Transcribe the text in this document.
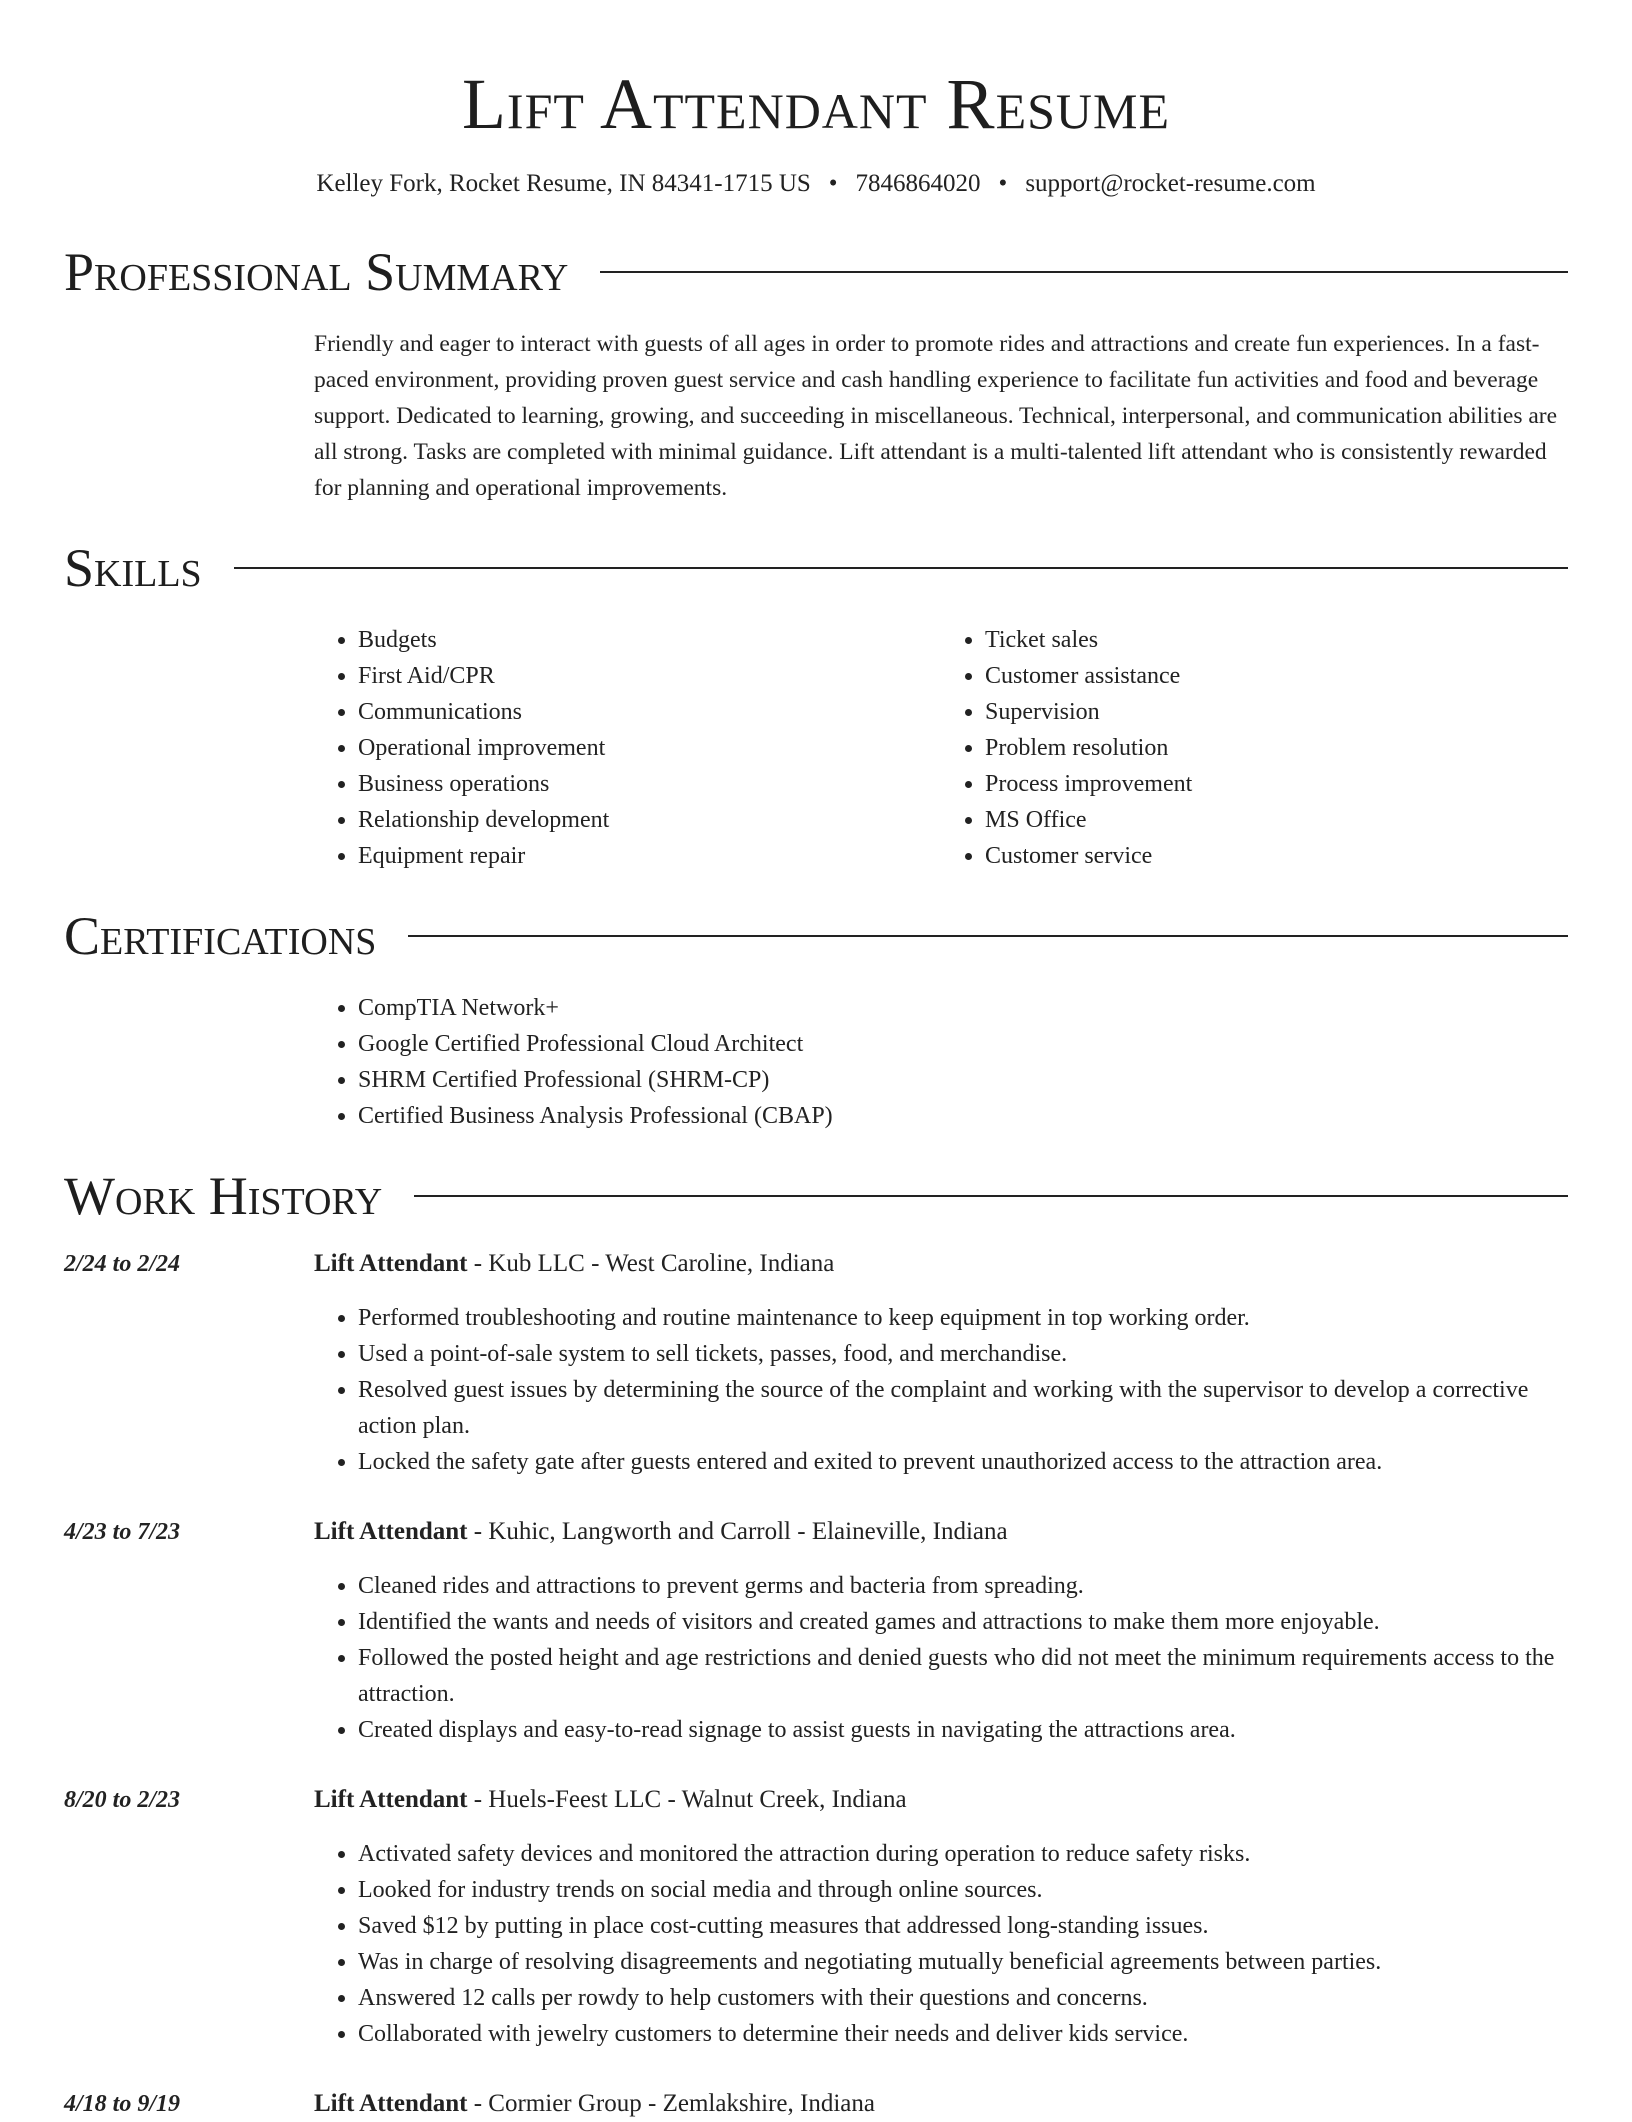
Lift Attendant Resume
Kelley Fork, Rocket Resume, IN 84341-1715 US • 7846864020 • support@rocket-resume.com
Professional Summary

Friendly and eager to interact with guests of all ages in order to promote rides and attractions and create fun experiences. In a fast-paced environment, providing proven guest service and cash handling experience to facilitate fun activities and food and beverage support. Dedicated to learning, growing, and succeeding in miscellaneous. Technical, interpersonal, and communication abilities are all strong. Tasks are completed with minimal guidance. Lift attendant is a multi-talented lift attendant who is consistently rewarded for planning and operational improvements.

Skills
• Budgets
• First Aid/CPR
• Communications
• Operational improvement
• Business operations
• Relationship development
• Equipment repair
• Ticket sales
• Customer assistance
• Supervision
• Problem resolution
• Process improvement
• MS Office
• Customer service
Certifications
• CompTIA Network+
• Google Certified Professional Cloud Architect
• SHRM Certified Professional (SHRM-CP)
• Certified Business Analysis Professional (CBAP)
Work History
2/24 to 2/24	Lift Attendant - Kub LLC - West Caroline, Indiana
• Performed troubleshooting and routine maintenance to keep equipment in top working order.
• Used a point-of-sale system to sell tickets, passes, food, and merchandise.
• Resolved guest issues by determining the source of the complaint and working with the supervisor to develop a corrective action plan.
• Locked the safety gate after guests entered and exited to prevent unauthorized access to the attraction area.
4/23 to 7/23	Lift Attendant - Kuhic, Langworth and Carroll - Elaineville, Indiana
• Cleaned rides and attractions to prevent germs and bacteria from spreading.
• Identified the wants and needs of visitors and created games and attractions to make them more enjoyable.
• Followed the posted height and age restrictions and denied guests who did not meet the minimum requirements access to the attraction.
• Created displays and easy-to-read signage to assist guests in navigating the attractions area.
8/20 to 2/23	Lift Attendant - Huels-Feest LLC - Walnut Creek, Indiana
• Activated safety devices and monitored the attraction during operation to reduce safety risks.
• Looked for industry trends on social media and through online sources.
• Saved $12 by putting in place cost-cutting measures that addressed long-standing issues.
• Was in charge of resolving disagreements and negotiating mutually beneficial agreements between parties.
• Answered 12 calls per rowdy to help customers with their questions and concerns.
• Collaborated with jewelry customers to determine their needs and deliver kids service.
4/18 to 9/19	Lift Attendant - Cormier Group - Zemlakshire, Indiana
